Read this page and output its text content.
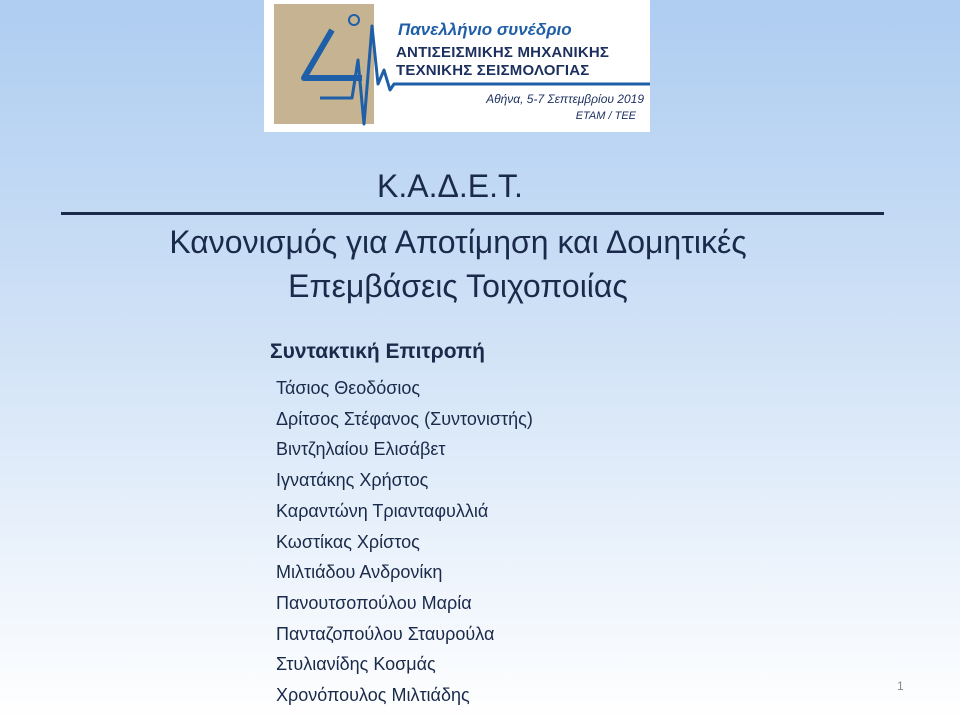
4
Πανελλήνιο συνέδριο
ΑΝΤΙΣΕΙΣΜΙΚΗΣ ΜΗΧΑΝΙΚΗΣ
ΤΕΧΝΙΚΗΣ ΣΕΙΣΜΟΛΟΓΙΑΣ
Αθήνα, 5-7 Σεπτεμβρίου 2019
ΕΤΑΜ / ΤΕΕ
Κ.Α.Δ.Ε.Τ.
Κανονισμός για Αποτίμηση και Δομητικές
Επεμβάσεις Τοιχοποιίας
Συντακτική Επιτροπή
Τάσιος Θεοδόσιος
Δρίτσος Στέφανος (Συντονιστής)
Βιντζηλαίου Ελισάβετ
Ιγνατάκης Χρήστος
Καραντώνη Τριανταφυλλιά
Κωστίκας Χρίστος
Μιλτιάδου Ανδρονίκη
Πανουτσοπούλου Μαρία
Πανταζοπούλου Σταυρούλα
Στυλιανίδης Κοσμάς
Χρονόπουλος Μιλτιάδης	1
